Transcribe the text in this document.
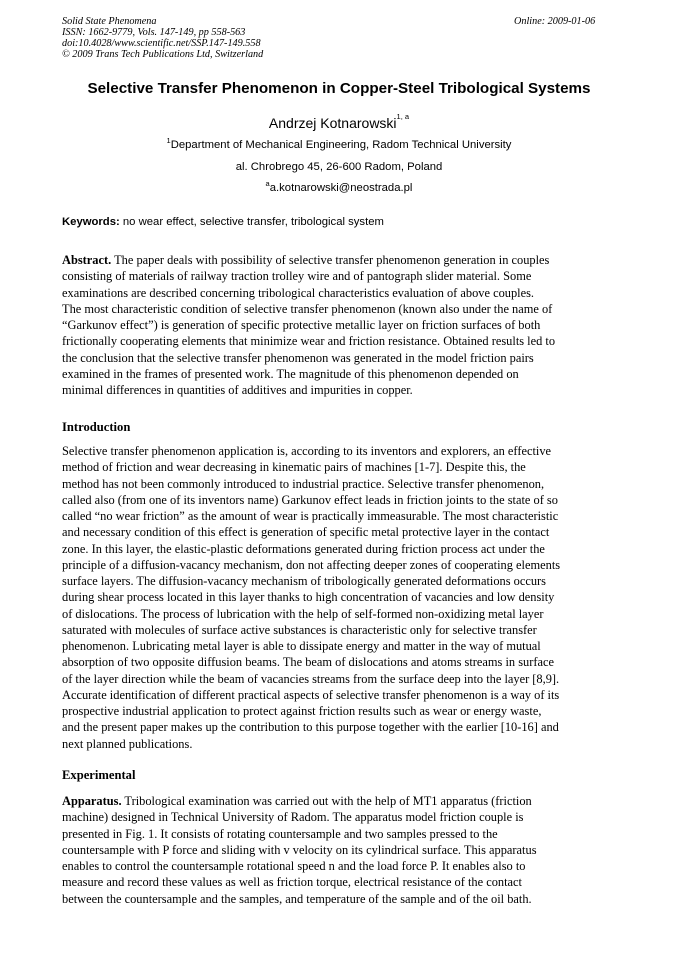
Solid State Phenomena
ISSN: 1662-9779, Vols. 147-149, pp 558-563
doi:10.4028/www.scientific.net/SSP.147-149.558
© 2009 Trans Tech Publications Ltd, Switzerland
Online: 2009-01-06
Selective Transfer Phenomenon in Copper-Steel Tribological Systems
Andrzej Kotnarowski$^{1, a}$
$^1$Department of Mechanical Engineering, Radom Technical University
al. Chrobrego 45, 26-600 Radom, Poland
$^a$a.kotnarowski@neostrada.pl
Keywords: no wear effect, selective transfer, tribological system
Abstract. The paper deals with possibility of selective transfer phenomenon generation in couples
consisting of materials of railway traction trolley wire and of pantograph slider material. Some
examinations are described concerning tribological characteristics evaluation of above couples.
The most characteristic condition of selective transfer phenomenon (known also under the name of
“Garkunov effect”) is generation of specific protective metallic layer on friction surfaces of both
frictionally cooperating elements that minimize wear and friction resistance. Obtained results led to
the conclusion that the selective transfer phenomenon was generated in the model friction pairs
examined in the frames of presented work. The magnitude of this phenomenon depended on
minimal differences in quantities of additives and impurities in copper.
Introduction
Selective transfer phenomenon application is, according to its inventors and explorers, an effective
method of friction and wear decreasing in kinematic pairs of machines [1-7]. Despite this, the
method has not been commonly introduced to industrial practice. Selective transfer phenomenon,
called also (from one of its inventors name) Garkunov effect leads in friction joints to the state of so
called “no wear friction” as the amount of wear is practically immeasurable. The most characteristic
and necessary condition of this effect is generation of specific metal protective layer in the contact
zone. In this layer, the elastic-plastic deformations generated during friction process act under the
principle of a diffusion-vacancy mechanism, don not affecting deeper zones of cooperating elements
surface layers. The diffusion-vacancy mechanism of tribologically generated deformations occurs
during shear process located in this layer thanks to high concentration of vacancies and low density
of dislocations. The process of lubrication with the help of self-formed non-oxidizing metal layer
saturated with molecules of surface active substances is characteristic only for selective transfer
phenomenon. Lubricating metal layer is able to dissipate energy and matter in the way of mutual
absorption of two opposite diffusion beams. The beam of dislocations and atoms streams in surface
of the layer direction while the beam of vacancies streams from the surface deep into the layer [8,9].
Accurate identification of different practical aspects of selective transfer phenomenon is a way of its
prospective industrial application to protect against friction results such as wear or energy waste,
and the present paper makes up the contribution to this purpose together with the earlier [10-16] and
next planned publications.
Experimental
Apparatus. Tribological examination was carried out with the help of MT1 apparatus (friction
machine) designed in Technical University of Radom. The apparatus model friction couple is
presented in Fig. 1. It consists of rotating countersample and two samples pressed to the
countersample with P force and sliding with v velocity on its cylindrical surface. This apparatus
enables to control the countersample rotational speed n and the load force P. It enables also to
measure and record these values as well as friction torque, electrical resistance of the contact
between the countersample and the samples, and temperature of the sample and of the oil bath.
